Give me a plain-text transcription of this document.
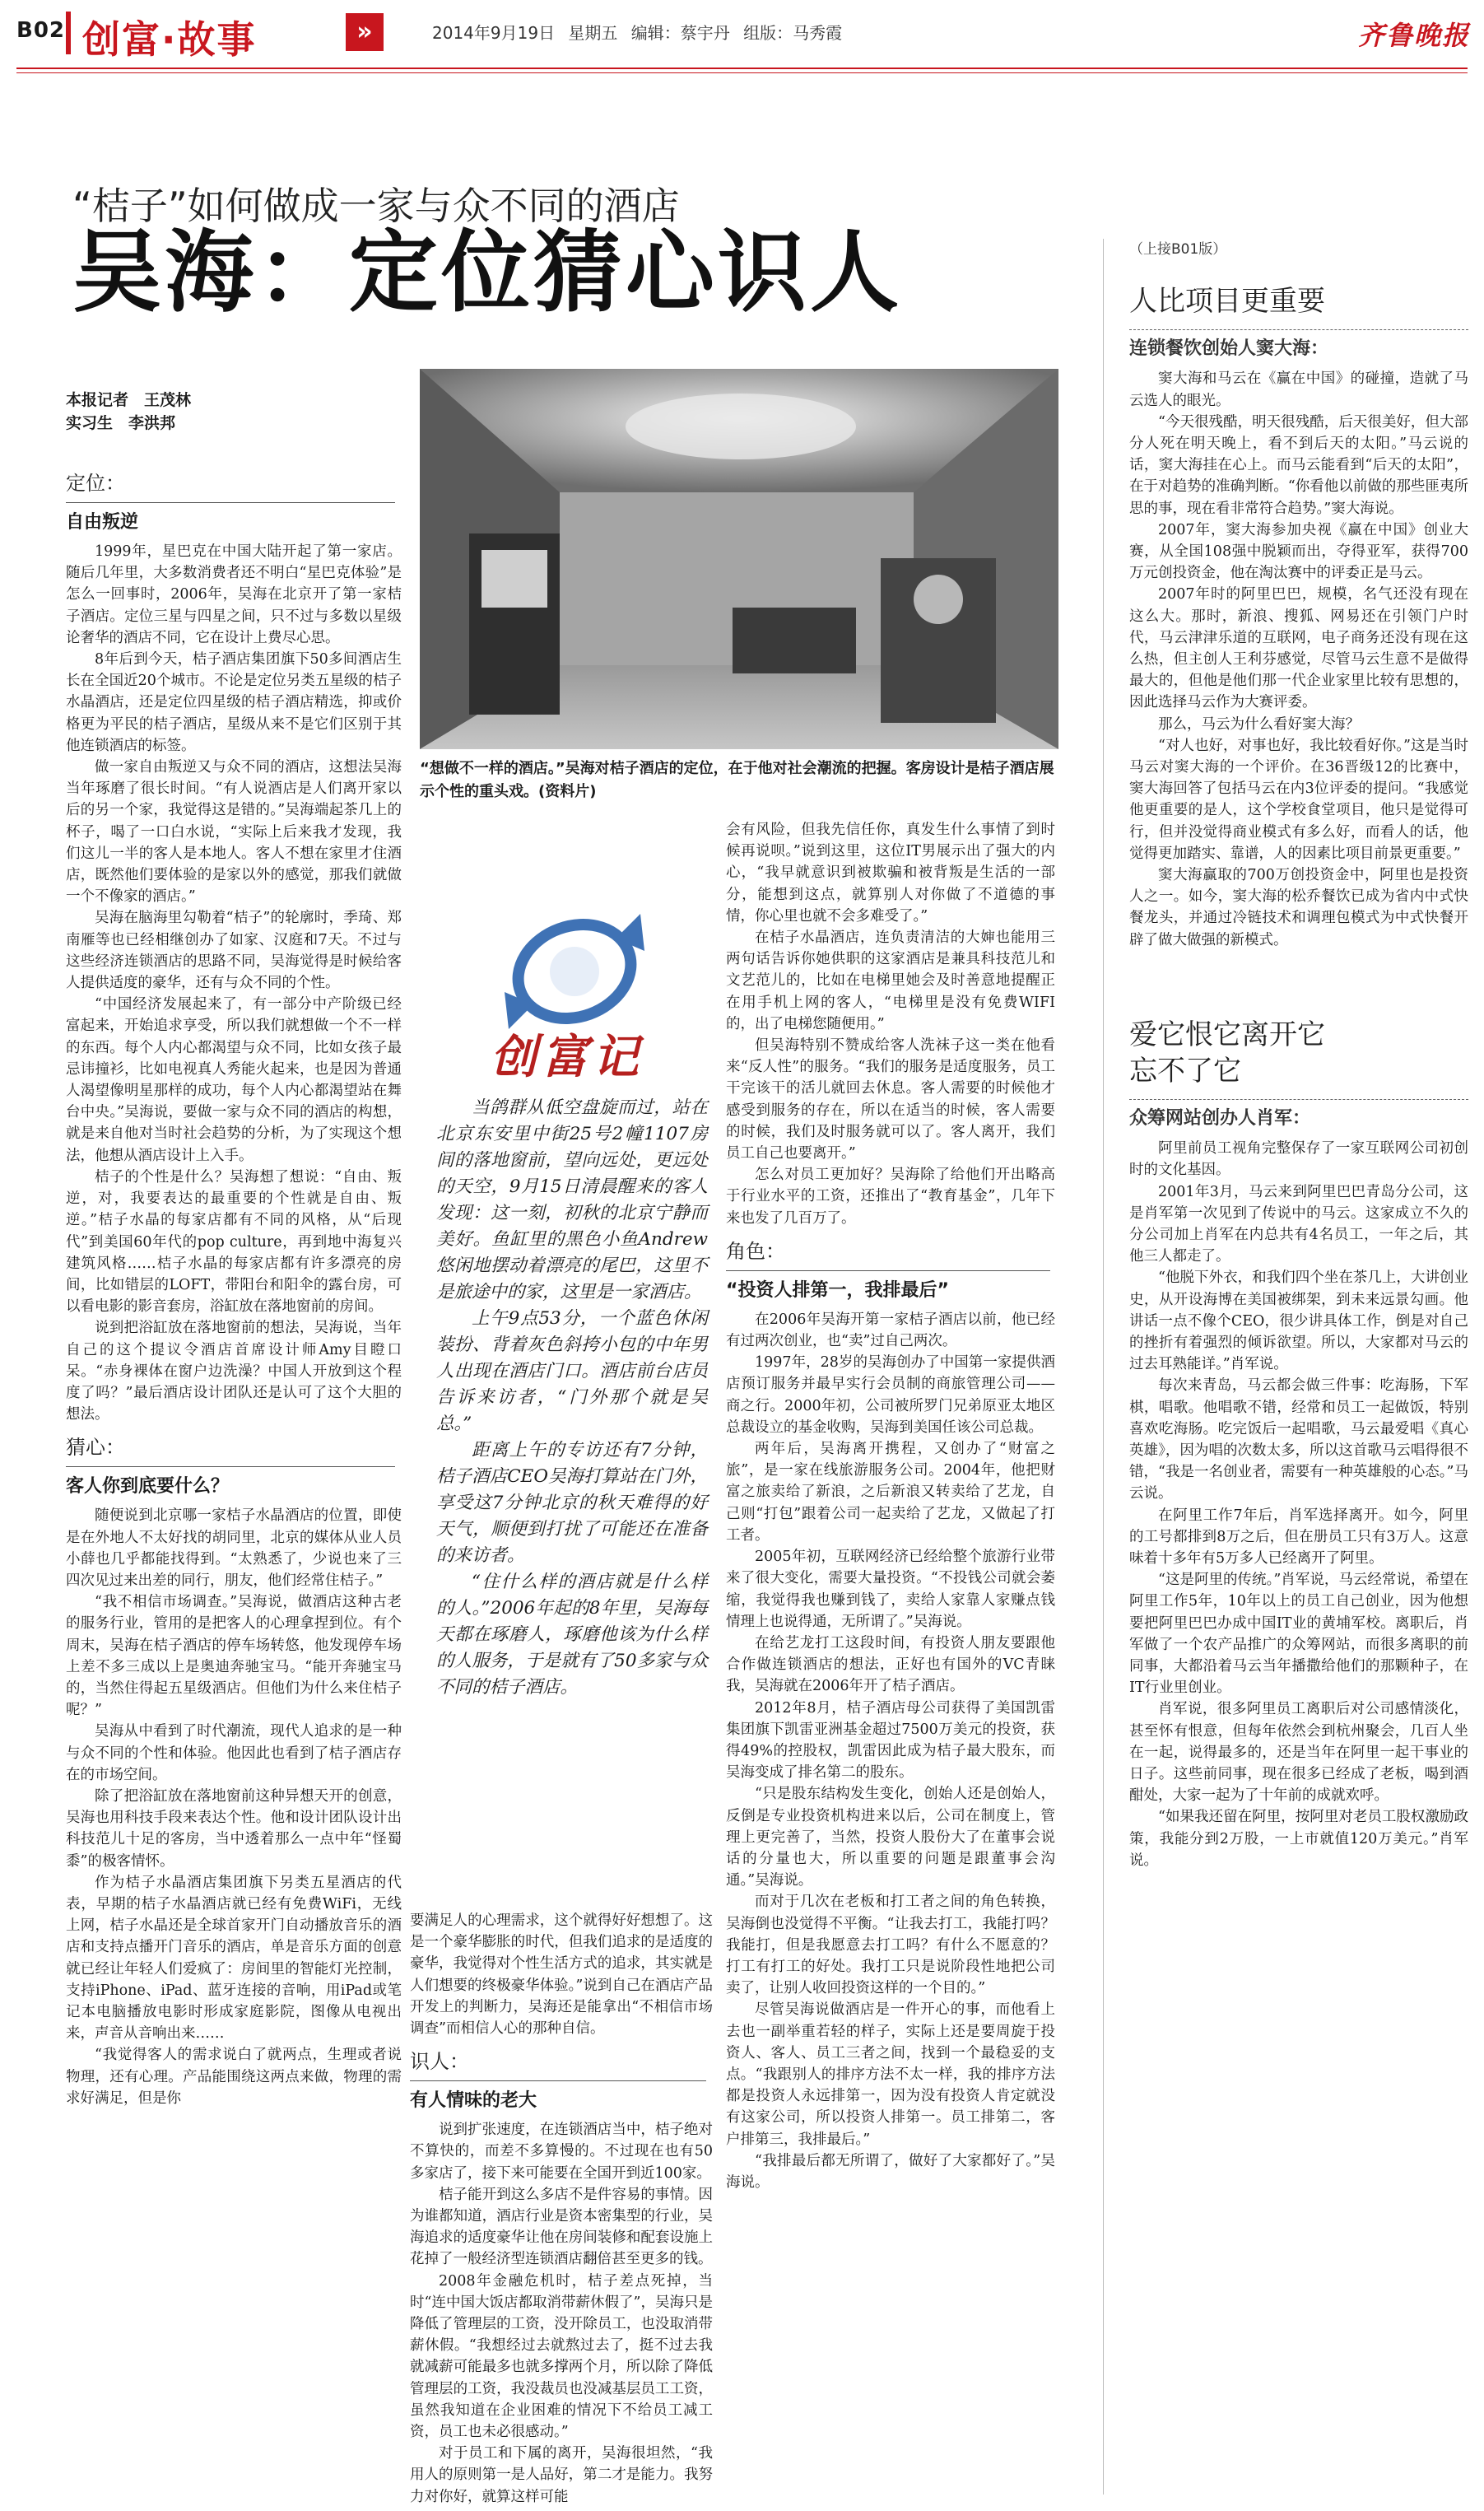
B02 创富·故事	»	2014年9月19日 星期五 编辑：蔡宇丹 组版：马秀霞	齐鲁晚报
“桔子”如何做成一家与众不同的酒店
吴海：定位猜心识人
本报记者　王茂林
实习生　李洪邦
“想做不一样的酒店。”吴海对桔子酒店的定位，在于他对社会潮流的把握。客房设计是桔子酒店展示个性的重头戏。(资料片)
定位：
自由叛逆

1999年，星巴克在中国大陆开起了第一家店。随后几年里，大多数消费者还不明白“星巴克体验”是怎么一回事时，2006年，吴海在北京开了第一家桔子酒店。定位三星与四星之间，只不过与多数以星级论奢华的酒店不同，它在设计上费尽心思。

8年后到今天，桔子酒店集团旗下50多间酒店生长在全国近20个城市。不论是定位另类五星级的桔子水晶酒店，还是定位四星级的桔子酒店精选，抑或价格更为平民的桔子酒店，星级从来不是它们区别于其他连锁酒店的标签。

做一家自由叛逆又与众不同的酒店，这想法吴海当年琢磨了很长时间。“有人说酒店是人们离开家以后的另一个家，我觉得这是错的。”吴海端起茶几上的杯子，喝了一口白水说，“实际上后来我才发现，我们这儿一半的客人是本地人。客人不想在家里才住酒店，既然他们要体验的是家以外的感觉，那我们就做一个不像家的酒店。”

吴海在脑海里勾勒着“桔子”的轮廓时，季琦、郑南雁等也已经相继创办了如家、汉庭和7天。不过与这些经济连锁酒店的思路不同，吴海觉得是时候给客人提供适度的豪华，还有与众不同的个性。

“中国经济发展起来了，有一部分中产阶级已经富起来，开始追求享受，所以我们就想做一个不一样的东西。每个人内心都渴望与众不同，比如女孩子最忌讳撞衫，比如电视真人秀能火起来，也是因为普通人渴望像明星那样的成功，每个人内心都渴望站在舞台中央。”吴海说，要做一家与众不同的酒店的构想，就是来自他对当时社会趋势的分析，为了实现这个想法，他想从酒店设计上入手。

桔子的个性是什么？吴海想了想说：“自由、叛逆，对，我要表达的最重要的个性就是自由、叛逆。”桔子水晶的每家店都有不同的风格，从“后现代”到美国60年代的pop culture，再到地中海复兴建筑风格……桔子水晶的每家店都有许多漂亮的房间，比如错层的LOFT，带阳台和阳伞的露台房，可以看电影的影音套房，浴缸放在落地窗前的房间。

说到把浴缸放在落地窗前的想法，吴海说，当年自己的这个提议令酒店首席设计师Amy目瞪口呆。“赤身裸体在窗户边洗澡？中国人开放到这个程度了吗？”最后酒店设计团队还是认可了这个大胆的想法。

猜心：
客人你到底要什么？

随便说到北京哪一家桔子水晶酒店的位置，即使是在外地人不太好找的胡同里，北京的媒体从业人员小薛也几乎都能找得到。“太熟悉了，少说也来了三四次见过来出差的同行，朋友，他们经常住桔子。”

“我不相信市场调查。”吴海说，做酒店这种古老的服务行业，管用的是把客人的心理拿捏到位。有个周末，吴海在桔子酒店的停车场转悠，他发现停车场上差不多三成以上是奥迪奔驰宝马。“能开奔驰宝马的，当然住得起五星级酒店。但他们为什么来住桔子呢？”

吴海从中看到了时代潮流，现代人追求的是一种与众不同的个性和体验。他因此也看到了桔子酒店存在的市场空间。

除了把浴缸放在落地窗前这种异想天开的创意，吴海也用科技手段来表达个性。他和设计团队设计出科技范儿十足的客房，当中透着那么一点中年“怪蜀黍”的极客情怀。

作为桔子水晶酒店集团旗下另类五星酒店的代表，早期的桔子水晶酒店就已经有免费WiFi，无线上网，桔子水晶还是全球首家开门自动播放音乐的酒店和支持点播开门音乐的酒店，单是音乐方面的创意就已经让年轻人们爱疯了：房间里的智能灯光控制，支持iPhone、iPad、蓝牙连接的音响，用iPad或笔记本电脑播放电影时形成家庭影院，图像从电视出来，声音从音响出来……

“我觉得客人的需求说白了就两点，生理或者说物理，还有心理。产品能围绕这两点来做，物理的需求好满足，但是你

创富记

当鸽群从低空盘旋而过，站在北京东安里中街25号2幢1107房间的落地窗前，望向远处，更远处的天空，9月15日清晨醒来的客人发现：这一刻，初秋的北京宁静而美好。鱼缸里的黑色小鱼Andrew悠闲地摆动着漂亮的尾巴，这里不是旅途中的家，这里是一家酒店。

上午9点53分，一个蓝色休闲装扮、背着灰色斜挎小包的中年男人出现在酒店门口。酒店前台店员告诉来访者，“门外那个就是吴总。”

距离上午的专访还有7分钟，桔子酒店CEO吴海打算站在门外，享受这7分钟北京的秋天难得的好天气，顺便到打扰了可能还在准备的来访者。

“住什么样的酒店就是什么样的人。”2006年起的8年里，吴海每天都在琢磨人，琢磨他该为什么样的人服务，于是就有了50多家与众不同的桔子酒店。

要满足人的心理需求，这个就得好好想想了。这是一个豪华膨胀的时代，但我们追求的是适度的豪华，我觉得对个性生活方式的追求，其实就是人们想要的终极豪华体验。”说到自己在酒店产品开发上的判断力，吴海还是能拿出“不相信市场调查”而相信人心的那种自信。

识人：
有人情味的老大

说到扩张速度，在连锁酒店当中，桔子绝对不算快的，而差不多算慢的。不过现在也有50多家店了，接下来可能要在全国开到近100家。

桔子能开到这么多店不是件容易的事情。因为谁都知道，酒店行业是资本密集型的行业，吴海追求的适度豪华让他在房间装修和配套设施上花掉了一般经济型连锁酒店翻倍甚至更多的钱。

2008年金融危机时，桔子差点死掉，当时“连中国大饭店都取消带薪休假了”，吴海只是降低了管理层的工资，没开除员工，也没取消带薪休假。“我想经过去就熬过去了，挺不过去我就减薪可能最多也就多撑两个月，所以除了降低管理层的工资，我没裁员也没减基层员工工资，虽然我知道在企业困难的情况下不给员工减工资，员工也未必很感动。”

对于员工和下属的离开，吴海很坦然，“我用人的原则第一是人品好，第二才是能力。我努力对你好，就算这样可能

会有风险，但我先信任你，真发生什么事情了到时候再说呗。”说到这里，这位IT男展示出了强大的内心，“我早就意识到被欺骗和被背叛是生活的一部分，能想到这点，就算别人对你做了不道德的事情，你心里也就不会多难受了。”

在桔子水晶酒店，连负责清洁的大婶也能用三两句话告诉你她供职的这家酒店是兼具科技范儿和文艺范儿的，比如在电梯里她会及时善意地提醒正在用手机上网的客人，“电梯里是没有免费WIFI的，出了电梯您随便用。”

但吴海特别不赞成给客人洗袜子这一类在他看来“反人性”的服务。“我们的服务是适度服务，员工干完该干的活儿就回去休息。客人需要的时候他才感受到服务的存在，所以在适当的时候，客人需要的时候，我们及时服务就可以了。客人离开，我们员工自己也要离开。”

怎么对员工更加好？吴海除了给他们开出略高于行业水平的工资，还推出了“教育基金”，几年下来也发了几百万了。

角色：
“投资人排第一，我排最后”

在2006年吴海开第一家桔子酒店以前，他已经有过两次创业，也“卖”过自己两次。

1997年，28岁的吴海创办了中国第一家提供酒店预订服务并最早实行会员制的商旅管理公司——商之行。2000年初，公司被所罗门兄弟原亚太地区总裁设立的基金收购，吴海到美国任该公司总裁。

两年后，吴海离开携程，又创办了“财富之旅”，是一家在线旅游服务公司。2004年，他把财富之旅卖给了新浪，之后新浪又转卖给了艺龙，自己则“打包”跟着公司一起卖给了艺龙，又做起了打工者。

2005年初，互联网经济已经给整个旅游行业带来了很大变化，需要大量投资。“不投钱公司就会萎缩，我觉得我也赚到钱了，卖给人家靠人家赚点钱情理上也说得通，无所谓了。”吴海说。

在给艺龙打工这段时间，有投资人朋友要跟他合作做连锁酒店的想法，正好也有国外的VC青睐我，吴海就在2006年开了桔子酒店。

2012年8月，桔子酒店母公司获得了美国凯雷集团旗下凯雷亚洲基金超过7500万美元的投资，获得49%的控股权，凯雷因此成为桔子最大股东，而吴海变成了排名第二的股东。

“只是股东结构发生变化，创始人还是创始人，反倒是专业投资机构进来以后，公司在制度上，管理上更完善了，当然，投资人股份大了在董事会说话的分量也大，所以重要的问题是跟董事会沟通。”吴海说。

而对于几次在老板和打工者之间的角色转换，吴海倒也没觉得不平衡。“让我去打工，我能打吗？我能打，但是我愿意去打工吗？有什么不愿意的？打工有打工的好处。我打工只是说阶段性地把公司卖了，让别人收回投资这样的一个目的。”

尽管吴海说做酒店是一件开心的事，而他看上去也一副举重若轻的样子，实际上还是要周旋于投资人、客人、员工三者之间，找到一个最稳妥的支点。“我跟别人的排序方法不太一样，我的排序方法都是投资人永远排第一，因为没有投资人肯定就没有这家公司，所以投资人排第一。员工排第二，客户排第三，我排最后。”

“我排最后都无所谓了，做好了大家都好了。”吴海说。

（上接B01版）
人比项目更重要
连锁餐饮创始人窦大海：

窦大海和马云在《赢在中国》的碰撞，造就了马云选人的眼光。

“今天很残酷，明天很残酷，后天很美好，但大部分人死在明天晚上，看不到后天的太阳。”马云说的话，窦大海挂在心上。而马云能看到“后天的太阳”，在于对趋势的准确判断。“你看他以前做的那些匪夷所思的事，现在看非常符合趋势。”窦大海说。

2007年，窦大海参加央视《赢在中国》创业大赛，从全国108强中脱颖而出，夺得亚军，获得700万元创投资金，他在淘汰赛中的评委正是马云。

2007年时的阿里巴巴，规模，名气还没有现在这么大。那时，新浪、搜狐、网易还在引领门户时代，马云津津乐道的互联网，电子商务还没有现在这么热，但主创人王利芬感觉，尽管马云生意不是做得最大的，但他是他们那一代企业家里比较有思想的，因此选择马云作为大赛评委。

那么，马云为什么看好窦大海？

“对人也好，对事也好，我比较看好你。”这是当时马云对窦大海的一个评价。在36晋级12的比赛中，窦大海回答了包括马云在内3位评委的提问。“我感觉他更重要的是人，这个学校食堂项目，他只是觉得可行，但并没觉得商业模式有多么好，而看人的话，他觉得更加踏实、靠谱，人的因素比项目前景更重要。”

窦大海赢取的700万创投资金中，阿里也是投资人之一。如今，窦大海的松乔餐饮已成为省内中式快餐龙头，并通过冷链技术和调理包模式为中式快餐开辟了做大做强的新模式。

爱它恨它离开它
忘不了它
众筹网站创办人肖军：

阿里前员工视角完整保存了一家互联网公司初创时的文化基因。

2001年3月，马云来到阿里巴巴青岛分公司，这是肖军第一次见到了传说中的马云。这家成立不久的分公司加上肖军在内总共有4名员工，一年之后，其他三人都走了。

“他脱下外衣，和我们四个坐在茶几上，大讲创业史，从开设海博在美国被绑架，到未来远景勾画。他讲话一点不像个CEO，很少讲具体工作，倒是对自己的挫折有着强烈的倾诉欲望。所以，大家都对马云的过去耳熟能详。”肖军说。

每次来青岛，马云都会做三件事：吃海肠，下军棋，唱歌。他唱歌不错，经常和员工一起做饭，特别喜欢吃海肠。吃完饭后一起唱歌，马云最爱唱《真心英雄》，因为唱的次数太多，所以这首歌马云唱得很不错，“我是一名创业者，需要有一种英雄般的心态。”马云说。

在阿里工作7年后，肖军选择离开。如今，阿里的工号都排到8万之后，但在册员工只有3万人。这意味着十多年有5万多人已经离开了阿里。

“这是阿里的传统。”肖军说，马云经常说，希望在阿里工作5年，10年以上的员工自己创业，因为他想要把阿里巴巴办成中国IT业的黄埔军校。离职后，肖军做了一个农产品推广的众筹网站，而很多离职的前同事，大都沿着马云当年播撒给他们的那颗种子，在IT行业里创业。

肖军说，很多阿里员工离职后对公司感情淡化，甚至怀有恨意，但每年依然会到杭州聚会，几百人坐在一起，说得最多的，还是当年在阿里一起干事业的日子。这些前同事，现在很多已经成了老板，喝到酒酣处，大家一起为了十年前的成就欢呼。

“如果我还留在阿里，按阿里对老员工股权激励政策，我能分到2万股，一上市就值120万美元。”肖军说。
